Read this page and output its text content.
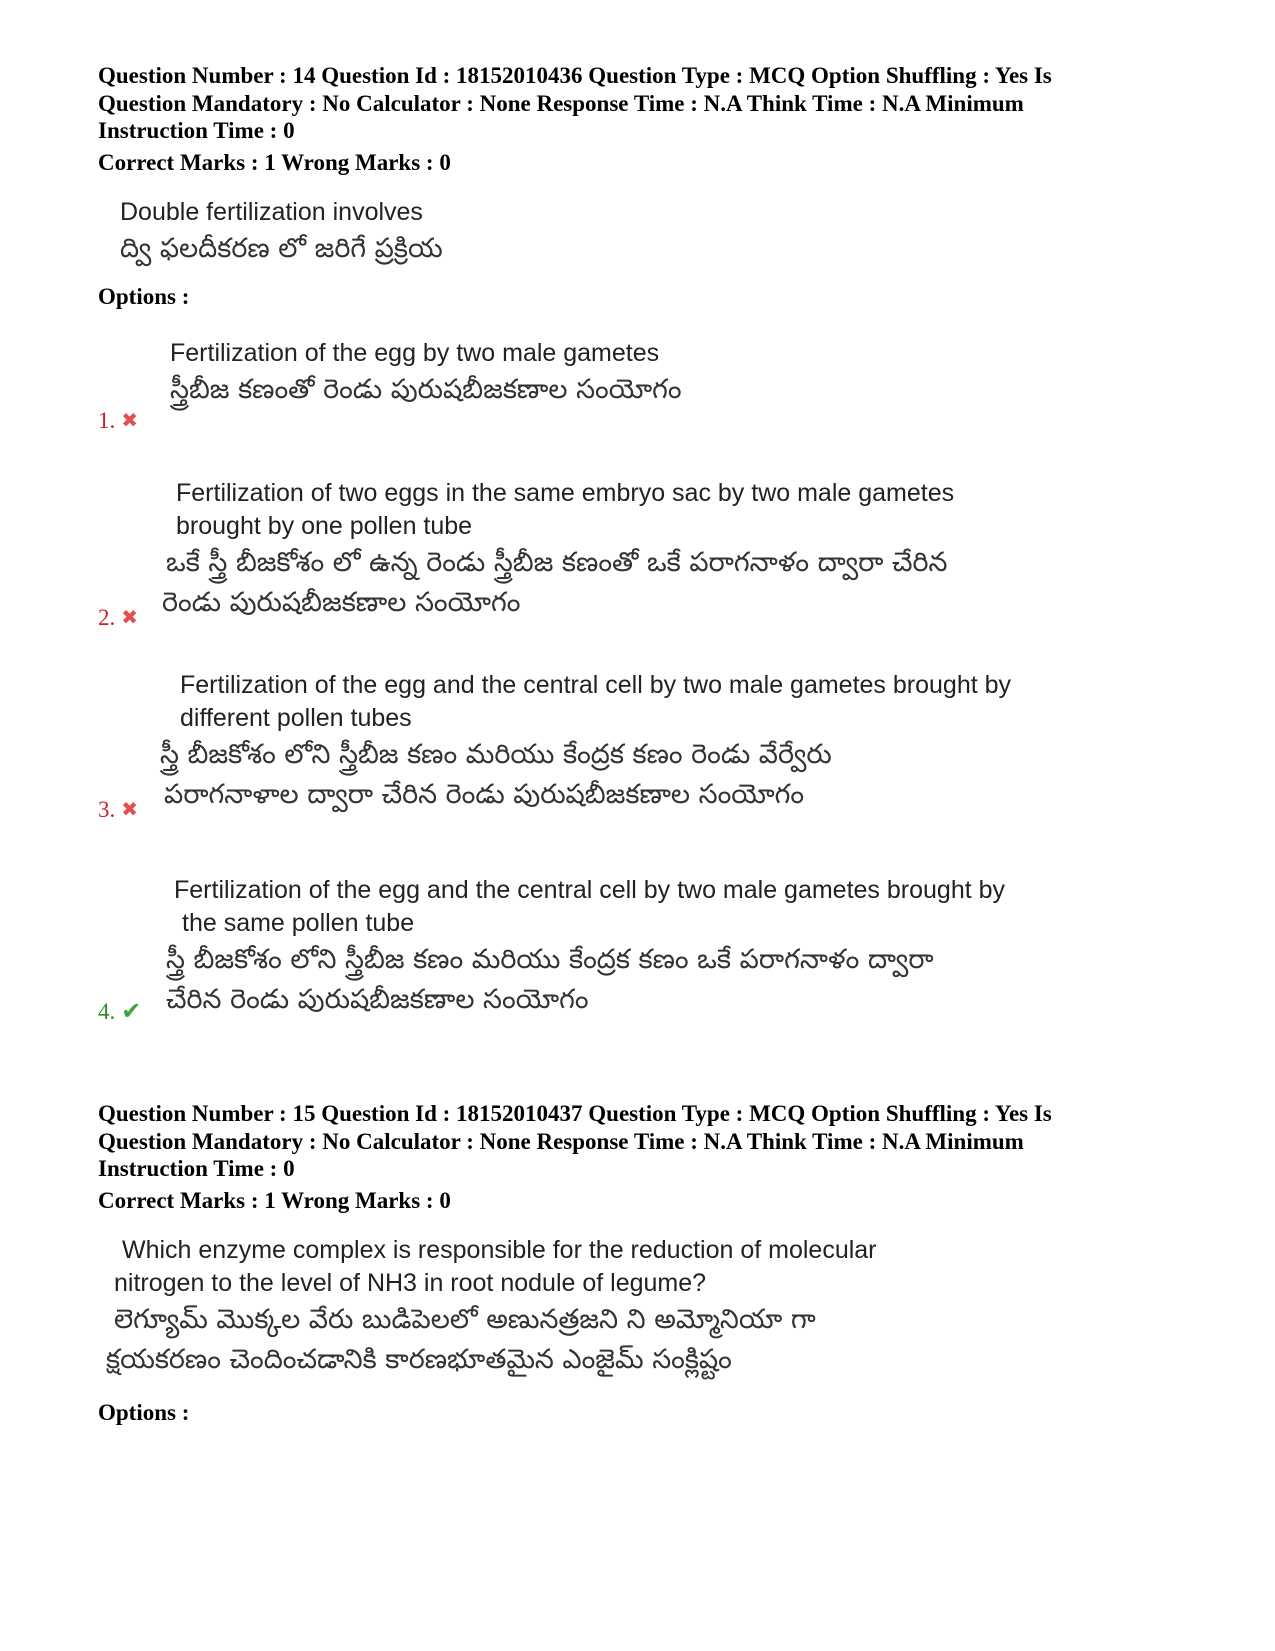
Question Number : 14 Question Id : 18152010436 Question Type : MCQ Option Shuffling : Yes Is
Question Mandatory : No Calculator : None Response Time : N.A Think Time : N.A Minimum
Instruction Time : 0
Correct Marks : 1 Wrong Marks : 0
Double fertilization involves
ద్వి ఫలదీకరణ లో జరిగే ప్రక్రియ
Options :
Fertilization of the egg by two male gametes
స్త్రీబీజ కణంతో రెండు పురుషబీజకణాల సంయోగం
1. ✖
Fertilization of two eggs in the same embryo sac by two male gametes
brought by one pollen tube
ఒకే స్త్రీ బీజకోశం లో ఉన్న రెండు స్త్రీబీజ కణంతో ఒకే పరాగనాళం ద్వారా చేరిన
రెండు పురుషబీజకణాల సంయోగం
2. ✖
Fertilization of the egg and the central cell by two male gametes brought by
different pollen tubes
స్త్రీ బీజకోశం లోని స్త్రీబీజ కణం మరియు కేంద్రక కణం రెండు వేర్వేరు
పరాగనాళాల ద్వారా చేరిన రెండు పురుషబీజకణాల సంయోగం
3. ✖
Fertilization of the egg and the central cell by two male gametes brought by
the same pollen tube
స్త్రీ బీజకోశం లోని స్త్రీబీజ కణం మరియు కేంద్రక కణం ఒకే పరాగనాళం ద్వారా
చేరిన రెండు పురుషబీజకణాల సంయోగం
4. ✔
Question Number : 15 Question Id : 18152010437 Question Type : MCQ Option Shuffling : Yes Is
Question Mandatory : No Calculator : None Response Time : N.A Think Time : N.A Minimum
Instruction Time : 0
Correct Marks : 1 Wrong Marks : 0
Which enzyme complex is responsible for the reduction of molecular
nitrogen to the level of NH3 in root nodule of legume?
లెగ్యూమ్ మొక్కల వేరు బుడిపెలలో అణునత్రజని ని అమ్మోనియా గా
క్షయకరణం చెందించడానికి కారణభూతమైన ఎంజైమ్ సంక్లిష్టం
Options :
